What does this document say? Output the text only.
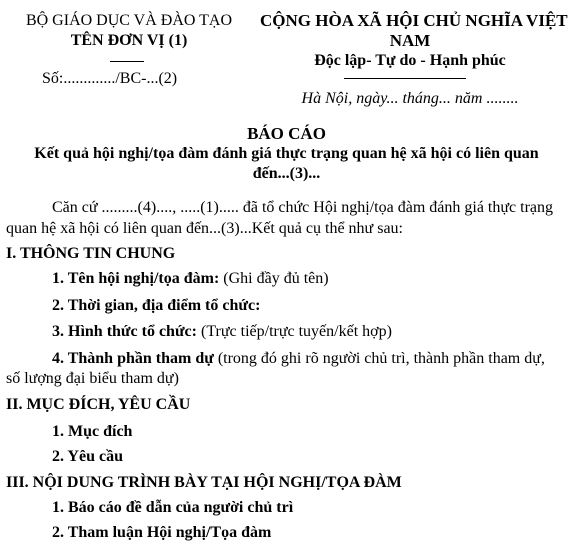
BỘ GIÁO DỤC VÀ ĐÀO TẠO
TÊN ĐƠN VỊ (1)
Số:............./BC-...(2)
CỘNG HÒA XÃ HỘI CHỦ NGHĨA VIỆT
NAM
Độc lập- Tự do - Hạnh phúc
Hà Nội, ngày... tháng... năm ........
BÁO CÁO
Kết quả hội nghị/tọa đàm đánh giá thực trạng quan hệ xã hội có liên quan
đến...(3)...
Căn cứ .........(4)...., .....(1)..... đã tổ chức Hội nghị/tọa đàm đánh giá thực trạng
quan hệ xã hội có liên quan đến...(3)...Kết quả cụ thể như sau:
I. THÔNG TIN CHUNG
1. Tên hội nghị/tọa đàm: (Ghi đầy đủ tên)
2. Thời gian, địa điểm tổ chức:
3. Hình thức tổ chức: (Trực tiếp/trực tuyến/kết hợp)
4. Thành phần tham dự (trong đó ghi rõ người chủ trì, thành phần tham dự,
số lượng đại biểu tham dự)
II. MỤC ĐÍCH, YÊU CẦU
1. Mục đích
2. Yêu cầu
III. NỘI DUNG TRÌNH BÀY TẠI HỘI NGHỊ/TỌA ĐÀM
1. Báo cáo đề dẫn của người chủ trì
2. Tham luận Hội nghị/Tọa đàm
